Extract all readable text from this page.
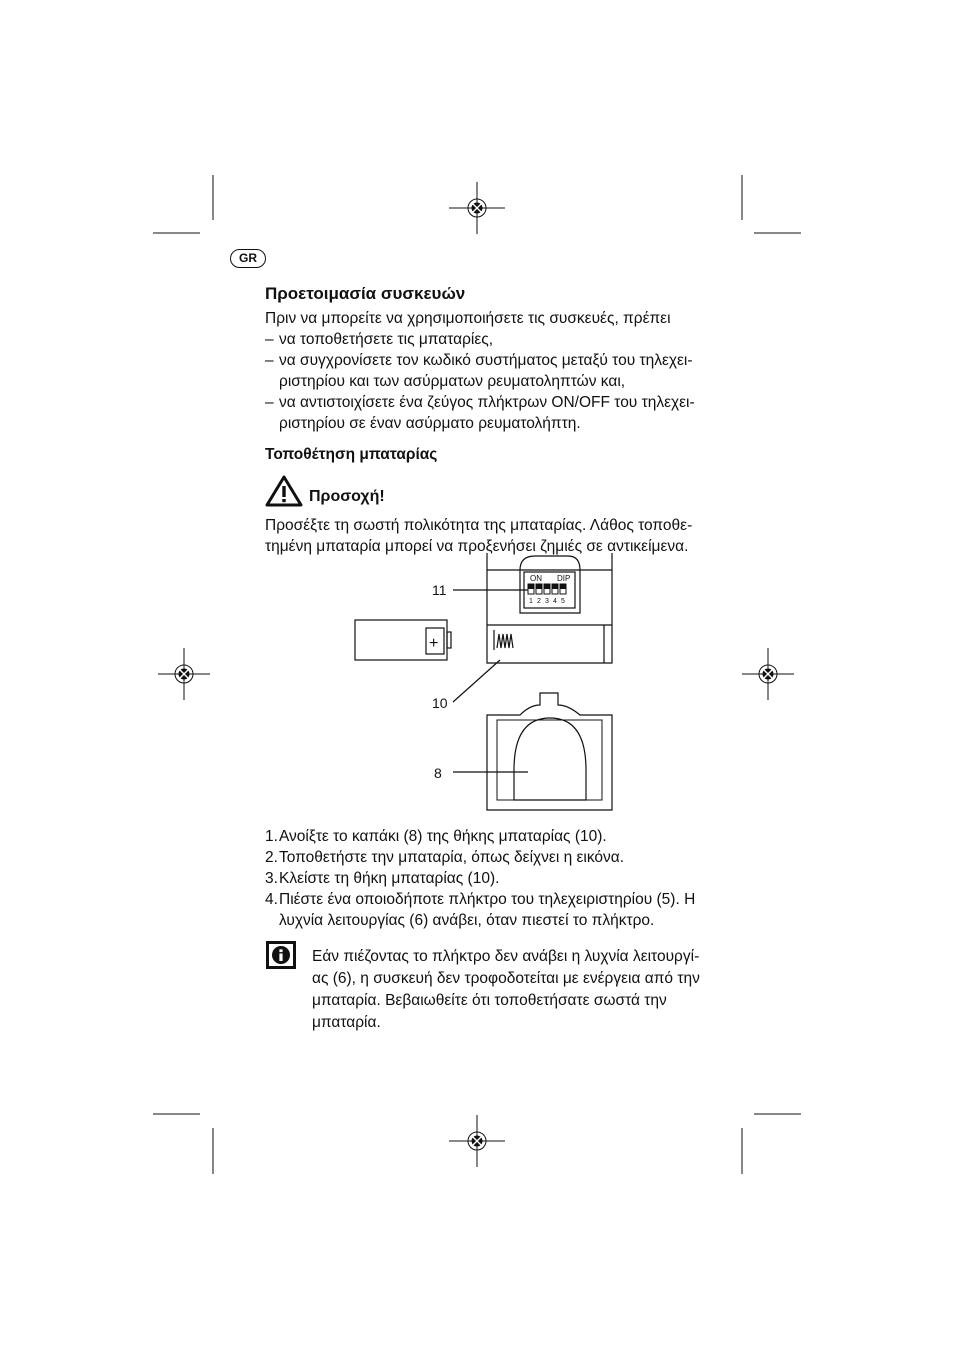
GR

Προετοιμασία συσκευών

Πριν να μπορείτε να χρησιμοποιήσετε τις συσκευές, πρέπει

– να τοποθετήσετε τις μπαταρίες,
– να συγχρονίσετε τον κωδικό συστήματος μεταξύ του τηλεχειριστηρίου και των ασύρματων ρευματοληπτών και,
– να αντιστοιχίσετε ένα ζεύγος πλήκτρων ON/OFF του τηλεχειριστηρίου σε έναν ασύρματο ρευματολήπτη.

Τοποθέτηση μπαταρίας

Προσοχή!

Προσέξτε τη σωστή πολικότητα της μπαταρίας. Λάθος τοποθετημένη μπαταρία μπορεί να προξενήσει ζημιές σε αντικείμενα.

ON DIP
1 2 3 4 5
+
11
10
8
1. Ανοίξτε το καπάκι (8) της θήκης μπαταρίας (10).
2. Τοποθετήστε την μπαταρία, όπως δείχνει η εικόνα.
3. Κλείστε τη θήκη μπαταρίας (10).
4. Πιέστε ένα οποιοδήποτε πλήκτρο του τηλεχειριστηρίου (5). Η λυχνία λειτουργίας (6) ανάβει, όταν πιεστεί το πλήκτρο.
Εάν πιέζοντας το πλήκτρο δεν ανάβει η λυχνία λειτουργίας (6), η συσκευή δεν τροφοδοτείται με ενέργεια από την μπαταρία. Βεβαιωθείτε ότι τοποθετήσατε σωστά την μπαταρία.
